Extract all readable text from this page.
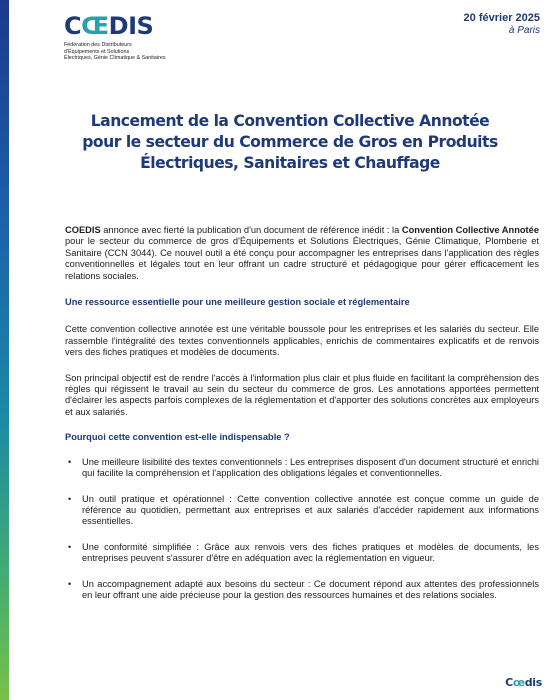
CŒDIS
Fédération des Distributeurs
d'Équipements et Solutions
Électriques, Génie Climatique & Sanitaires
20 février 2025
à Paris
Lancement de la Convention Collective Annotée
pour le secteur du Commerce de Gros en Produits
Électriques, Sanitaires et Chauffage

COEDIS annonce avec fierté la publication d'un document de référence inédit : la Convention Collective Annotée pour le secteur du commerce de gros d'Équipements et Solutions Électriques, Génie Climatique, Plomberie et Sanitaire (CCN 3044). Ce nouvel outil a été conçu pour accompagner les entreprises dans l'application des règles conventionnelles et légales tout en leur offrant un cadre structuré et pédagogique pour gérer efficacement les relations sociales.

Une ressource essentielle pour une meilleure gestion sociale et réglementaire

Cette convention collective annotée est une véritable boussole pour les entreprises et les salariés du secteur. Elle rassemble l'intégralité des textes conventionnels applicables, enrichis de commentaires explicatifs et de renvois vers des fiches pratiques et modèles de documents.

Son principal objectif est de rendre l'accès à l'information plus clair et plus fluide en facilitant la compréhension des règles qui régissent le travail au sein du secteur du commerce de gros. Les annotations apportées permettent d'éclairer les aspects parfois complexes de la réglementation et d'apporter des solutions concrètes aux employeurs et aux salariés.

Pourquoi cette convention est-elle indispensable ?

• Une meilleure lisibilité des textes conventionnels : Les entreprises disposent d'un document structuré et enrichi qui facilite la compréhension et l'application des obligations légales et conventionnelles.
• Un outil pratique et opérationnel : Cette convention collective annotée est conçue comme un guide de référence au quotidien, permettant aux entreprises et aux salariés d'accéder rapidement aux informations essentielles.
• Une conformité simplifiée : Grâce aux renvois vers des fiches pratiques et modèles de documents, les entreprises peuvent s'assurer d'être en adéquation avec la réglementation en vigueur.
• Un accompagnement adapté aux besoins du secteur : Ce document répond aux attentes des professionnels en leur offrant une aide précieuse pour la gestion des ressources humaines et des relations sociales.
Cœdis
